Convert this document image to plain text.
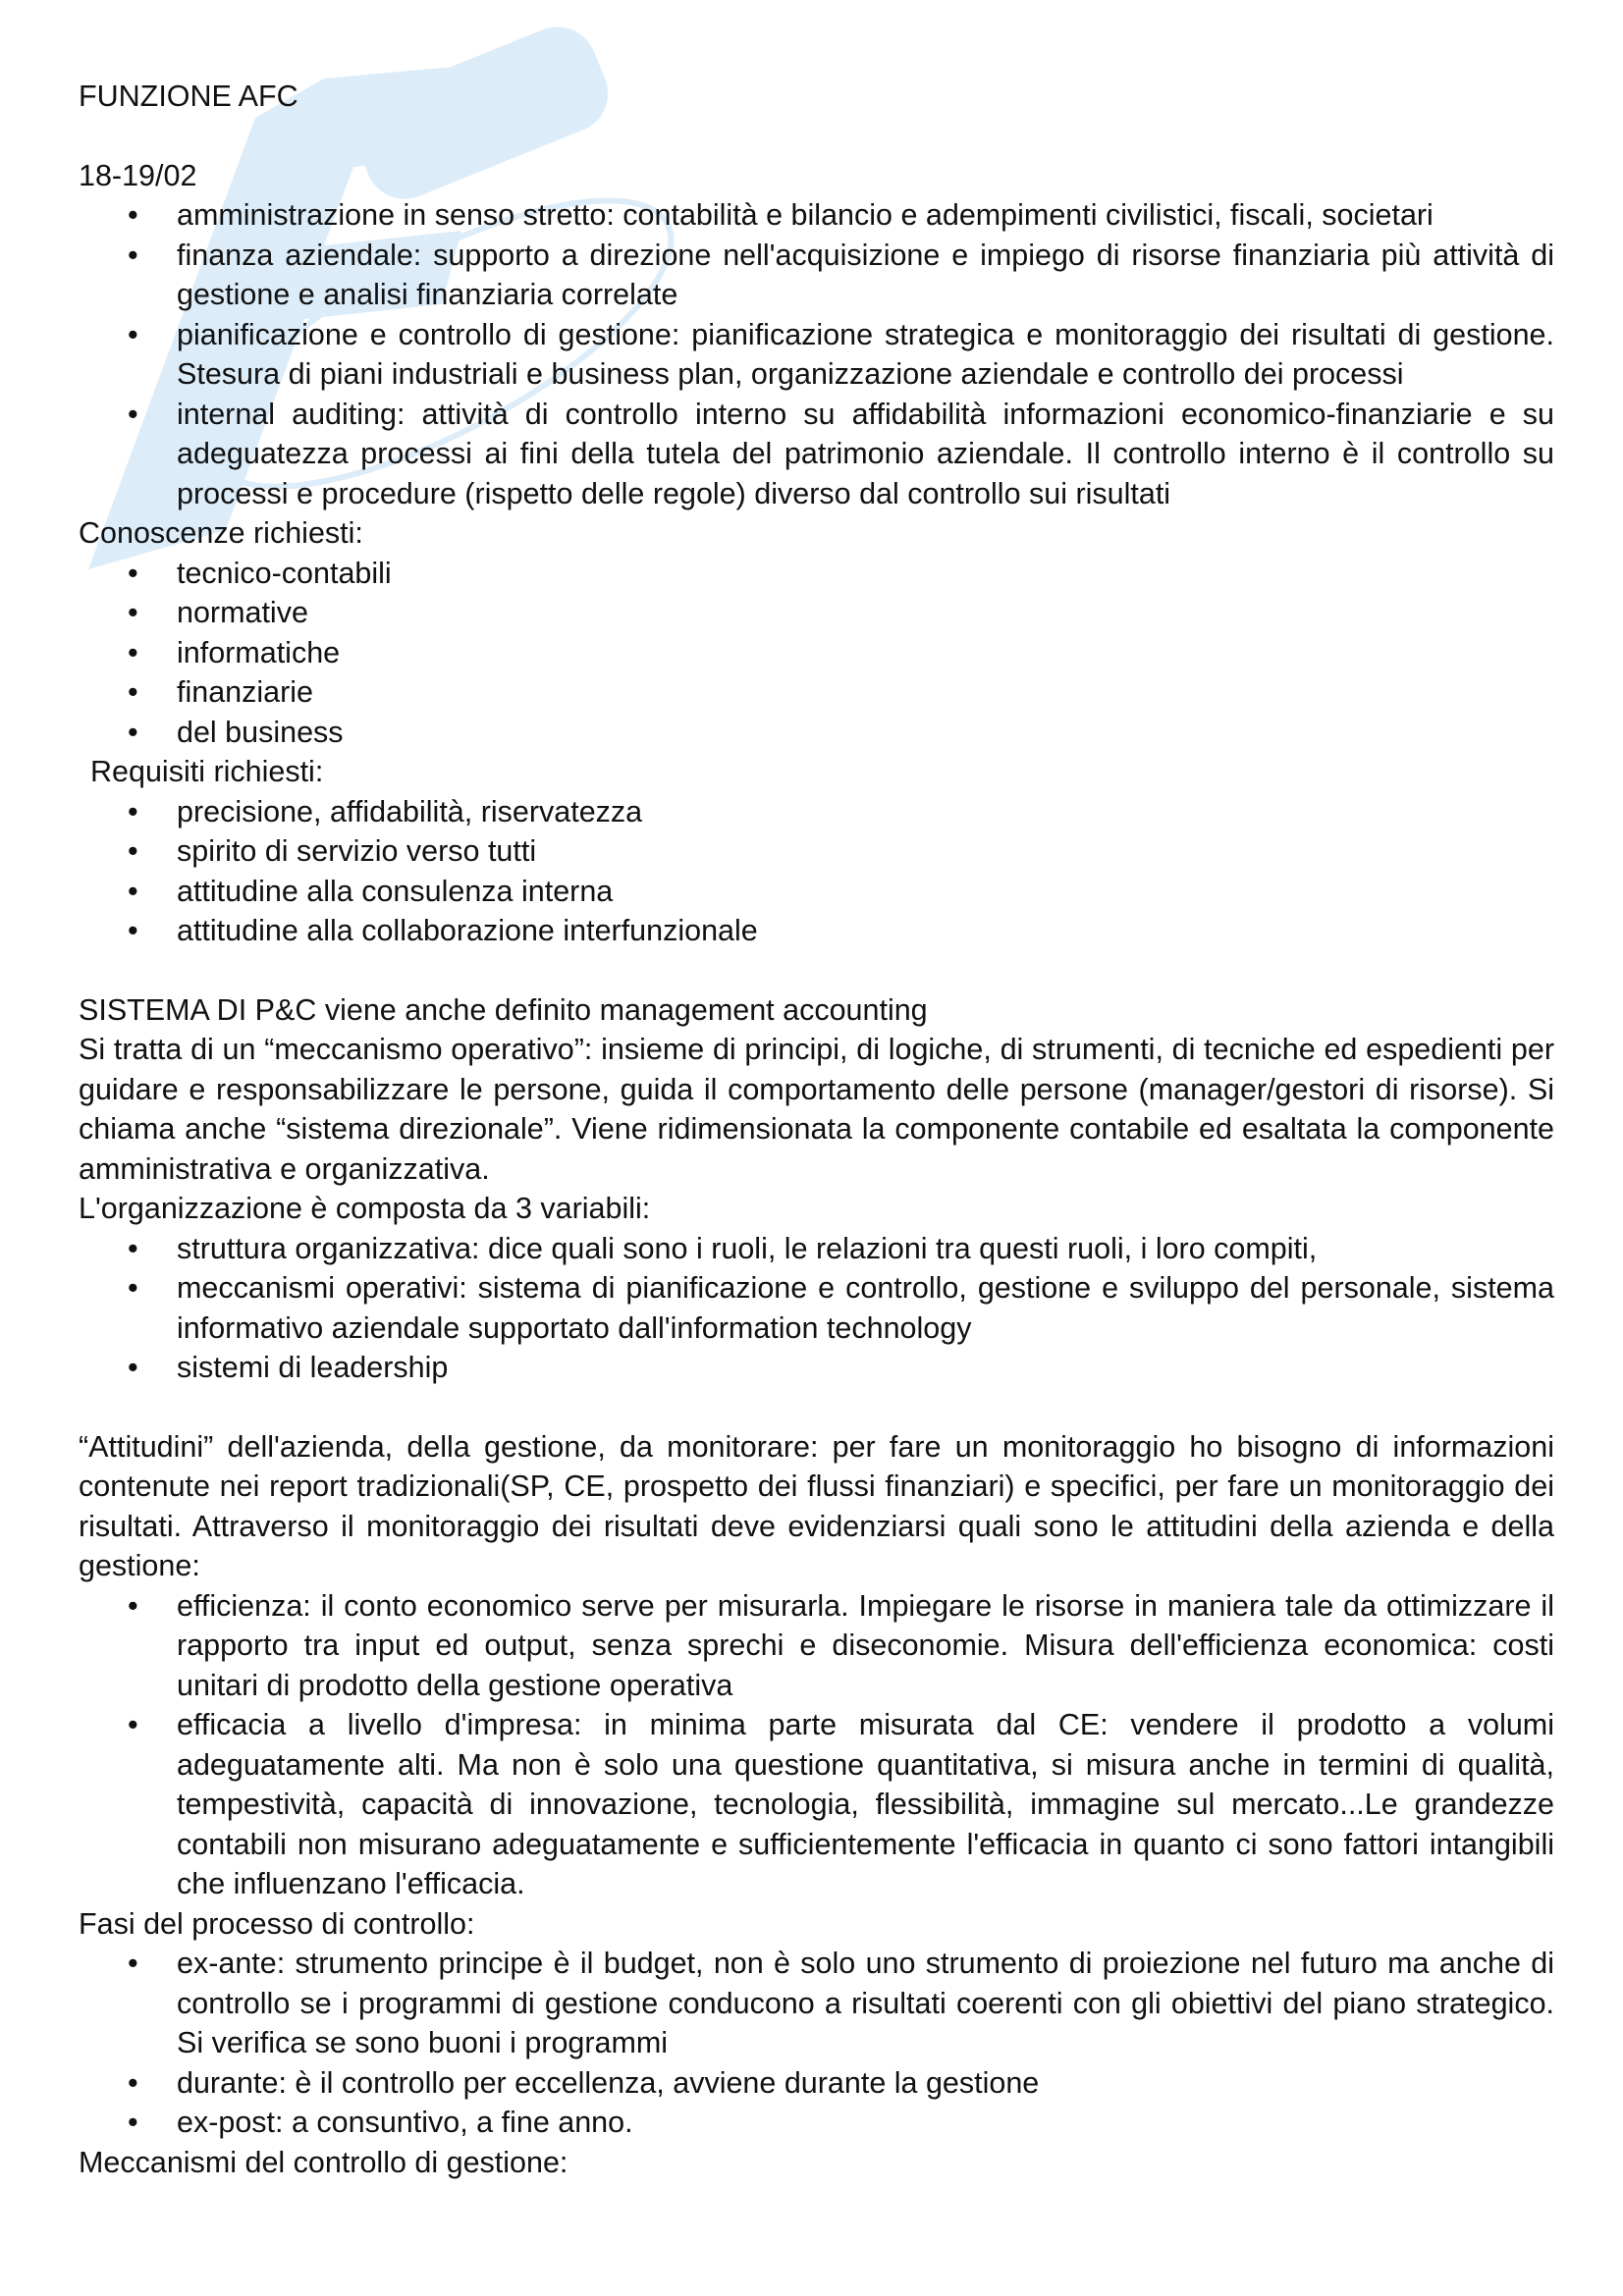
FUNZIONE AFC

18-19/02

• amministrazione in senso stretto: contabilità e bilancio e adempimenti civilistici, fiscali, societari
• finanza aziendale: supporto a direzione nell'acquisizione e impiego di risorse finanziaria più attività di gestione e analisi finanziaria correlate
• pianificazione e controllo di gestione: pianificazione strategica e monitoraggio dei risultati di gestione. Stesura di piani industriali e business plan, organizzazione aziendale e controllo dei processi
• internal auditing: attività di controllo interno su affidabilità informazioni economico-finanziarie e su adeguatezza processi ai fini della tutela del patrimonio aziendale. Il controllo interno è il controllo su processi e procedure (rispetto delle regole) diverso dal controllo sui risultati

Conoscenze richiesti:

• tecnico-contabili
• normative
• informatiche
• finanziarie
• del business

Requisiti richiesti:

• precisione, affidabilità, riservatezza
• spirito di servizio verso tutti
• attitudine alla consulenza interna
• attitudine alla collaborazione interfunzionale

SISTEMA DI P&C viene anche definito management accounting

Si tratta di un “meccanismo operativo”: insieme di principi, di logiche, di strumenti, di tecniche ed espedienti per guidare e responsabilizzare le persone, guida il comportamento delle persone (manager/gestori di risorse). Si chiama anche “sistema direzionale”. Viene ridimensionata la componente contabile ed esaltata la componente amministrativa e organizzativa.

L'organizzazione è composta da 3 variabili:

• struttura organizzativa: dice quali sono i ruoli, le relazioni tra questi ruoli, i loro compiti,
• meccanismi operativi: sistema di pianificazione e controllo, gestione e sviluppo del personale, sistema informativo aziendale supportato dall'information technology
• sistemi di leadership

“Attitudini” dell'azienda, della gestione, da monitorare: per fare un monitoraggio ho bisogno di informazioni contenute nei report tradizionali(SP, CE, prospetto dei flussi finanziari) e specifici, per fare un monitoraggio dei risultati. Attraverso il monitoraggio dei risultati deve evidenziarsi quali sono le attitudini della azienda e della gestione:

• efficienza: il conto economico serve per misurarla. Impiegare le risorse in maniera tale da ottimizzare il rapporto tra input ed output, senza sprechi e diseconomie. Misura dell'efficienza economica: costi unitari di prodotto della gestione operativa
• efficacia a livello d'impresa: in minima parte misurata dal CE: vendere il prodotto a volumi adeguatamente alti. Ma non è solo una questione quantitativa, si misura anche in termini di qualità, tempestività, capacità di innovazione, tecnologia, flessibilità, immagine sul mercato...Le grandezze contabili non misurano adeguatamente e sufficientemente l'efficacia in quanto ci sono fattori intangibili che influenzano l'efficacia.

Fasi del processo di controllo:

• ex-ante: strumento principe è il budget, non è solo uno strumento di proiezione nel futuro ma anche di controllo se i programmi di gestione conducono a risultati coerenti con gli obiettivi del piano strategico. Si verifica se sono buoni i programmi
• durante: è il controllo per eccellenza, avviene durante la gestione
• ex-post: a consuntivo, a fine anno.

Meccanismi del controllo di gestione:
